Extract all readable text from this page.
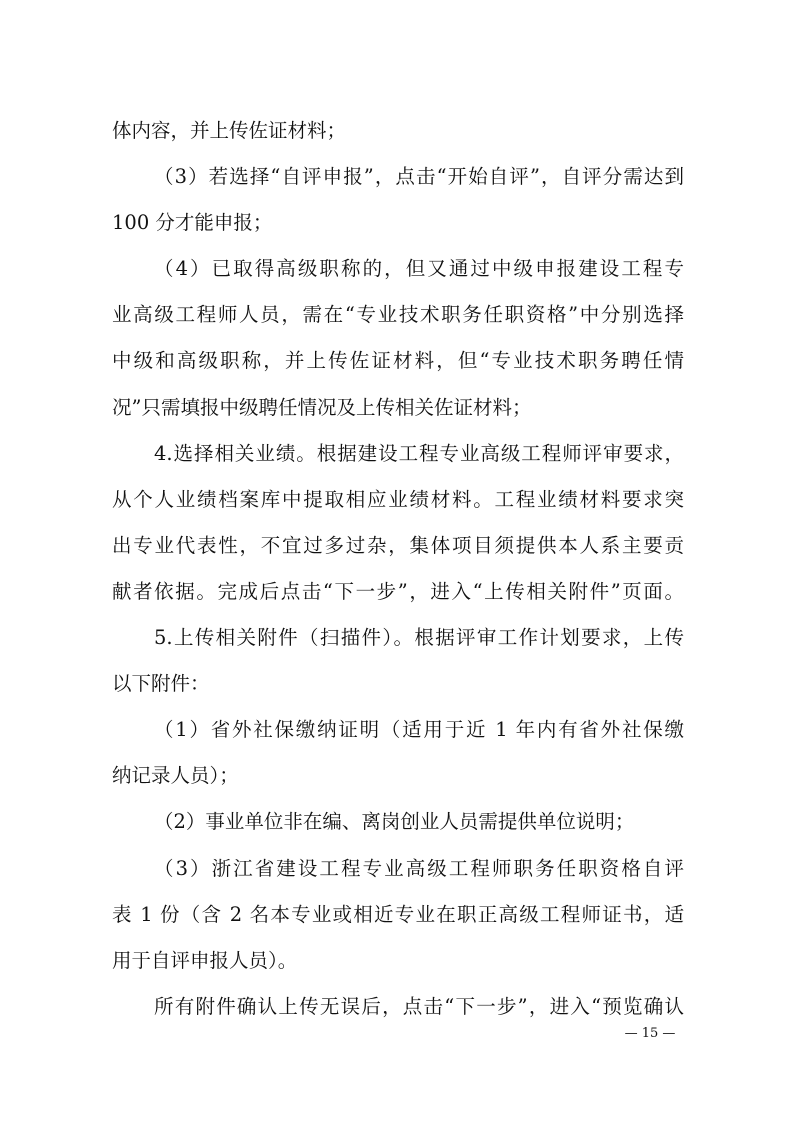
体内容，并上传佐证材料；
（3）若选择“自评申报”，点击“开始自评”，自评分需达到
100 分才能申报；
（4）已取得高级职称的，但又通过中级申报建设工程专
业高级工程师人员，需在“专业技术职务任职资格”中分别选择
中级和高级职称，并上传佐证材料，但“专业技术职务聘任情
况”只需填报中级聘任情况及上传相关佐证材料；
4.选择相关业绩。根据建设工程专业高级工程师评审要求，
从个人业绩档案库中提取相应业绩材料。工程业绩材料要求突
出专业代表性，不宜过多过杂，集体项目须提供本人系主要贡
献者依据。完成后点击“下一步”，进入“上传相关附件”页面。
5.上传相关附件（扫描件）。根据评审工作计划要求，上传
以下附件：
（1）省外社保缴纳证明（适用于近 1 年内有省外社保缴
纳记录人员）；
（2）事业单位非在编、离岗创业人员需提供单位说明；
（3）浙江省建设工程专业高级工程师职务任职资格自评
表 1 份（含 2 名本专业或相近专业在职正高级工程师证书，适
用于自评申报人员）。
所有附件确认上传无误后，点击“下一步”，进入“预览确认
— 15 —
